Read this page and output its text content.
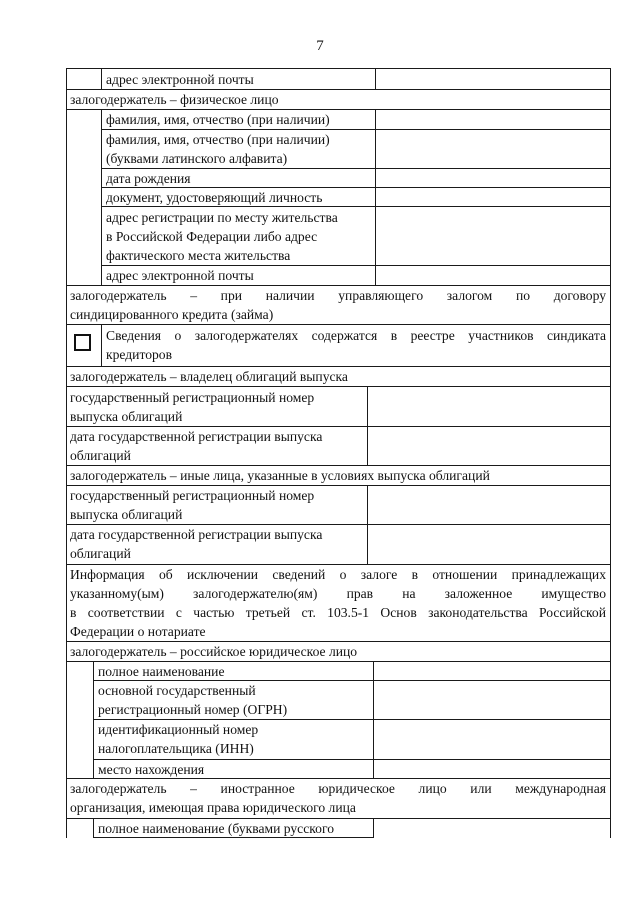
7
адрес электронной почты
залогодержатель – физическое лицо
фамилия, имя, отчество (при наличии)
фамилия, имя, отчество (при наличии)
(буквами латинского алфавита)
дата рождения
документ, удостоверяющий личность
адрес регистрации по месту жительства
в Российской Федерации либо адрес
фактического места жительства
адрес электронной почты
залогодержатель – при наличии управляющего залогом по договору
синдицированного кредита (займа)
Сведения о залогодержателях содержатся в реестре участников синдиката
кредиторов
залогодержатель – владелец облигаций выпуска
государственный регистрационный номер
выпуска облигаций
дата государственной регистрации выпуска
облигаций
залогодержатель – иные лица, указанные в условиях выпуска облигаций
государственный регистрационный номер
выпуска облигаций
дата государственной регистрации выпуска
облигаций
Информация об исключении сведений о залоге в отношении принадлежащих
указанному(ым) залогодержателю(ям) прав на заложенное имущество
в соответствии с частью третьей ст. 103.5-1 Основ законодательства Российской
Федерации о нотариате
залогодержатель – российское юридическое лицо
полное наименование
основной государственный
регистрационный номер (ОГРН)
идентификационный номер
налогоплательщика (ИНН)
место нахождения
залогодержатель – иностранное юридическое лицо или международная
организация, имеющая права юридического лица
полное наименование (буквами русского
